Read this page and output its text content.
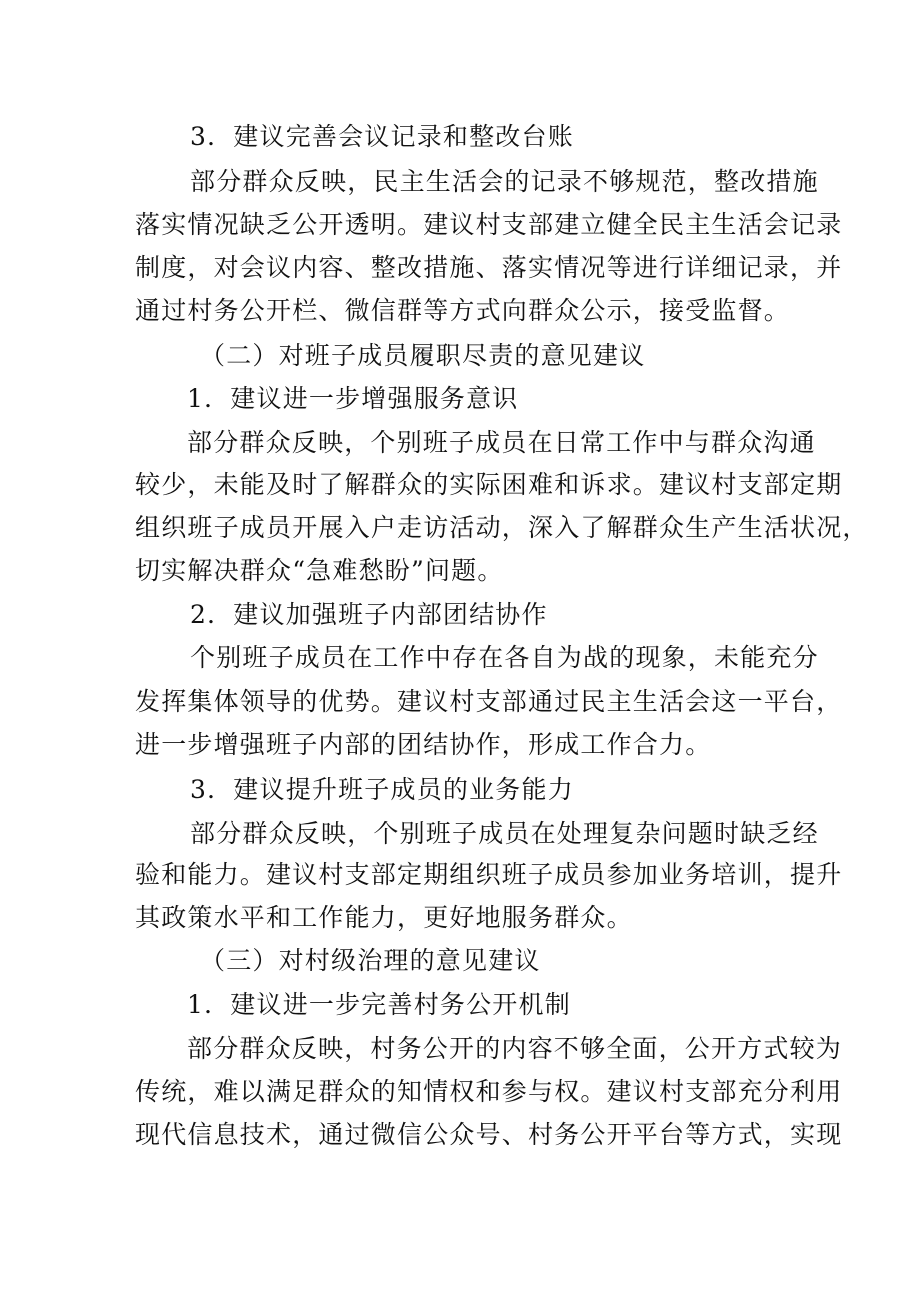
3．建议完善会议记录和整改台账
部分群众反映，民主生活会的记录不够规范，整改措施
落实情况缺乏公开透明。建议村支部建立健全民主生活会记录
制度，对会议内容、整改措施、落实情况等进行详细记录，并
通过村务公开栏、微信群等方式向群众公示，接受监督。
（二）对班子成员履职尽责的意见建议
1．建议进一步增强服务意识
部分群众反映，个别班子成员在日常工作中与群众沟通
较少，未能及时了解群众的实际困难和诉求。建议村支部定期
组织班子成员开展入户走访活动，深入了解群众生产生活状况，
切实解决群众“急难愁盼”问题。
2．建议加强班子内部团结协作
个别班子成员在工作中存在各自为战的现象，未能充分
发挥集体领导的优势。建议村支部通过民主生活会这一平台，
进一步增强班子内部的团结协作，形成工作合力。
3．建议提升班子成员的业务能力
部分群众反映，个别班子成员在处理复杂问题时缺乏经
验和能力。建议村支部定期组织班子成员参加业务培训，提升
其政策水平和工作能力，更好地服务群众。
（三）对村级治理的意见建议
1．建议进一步完善村务公开机制
部分群众反映，村务公开的内容不够全面，公开方式较为
传统，难以满足群众的知情权和参与权。建议村支部充分利用
现代信息技术，通过微信公众号、村务公开平台等方式，实现
